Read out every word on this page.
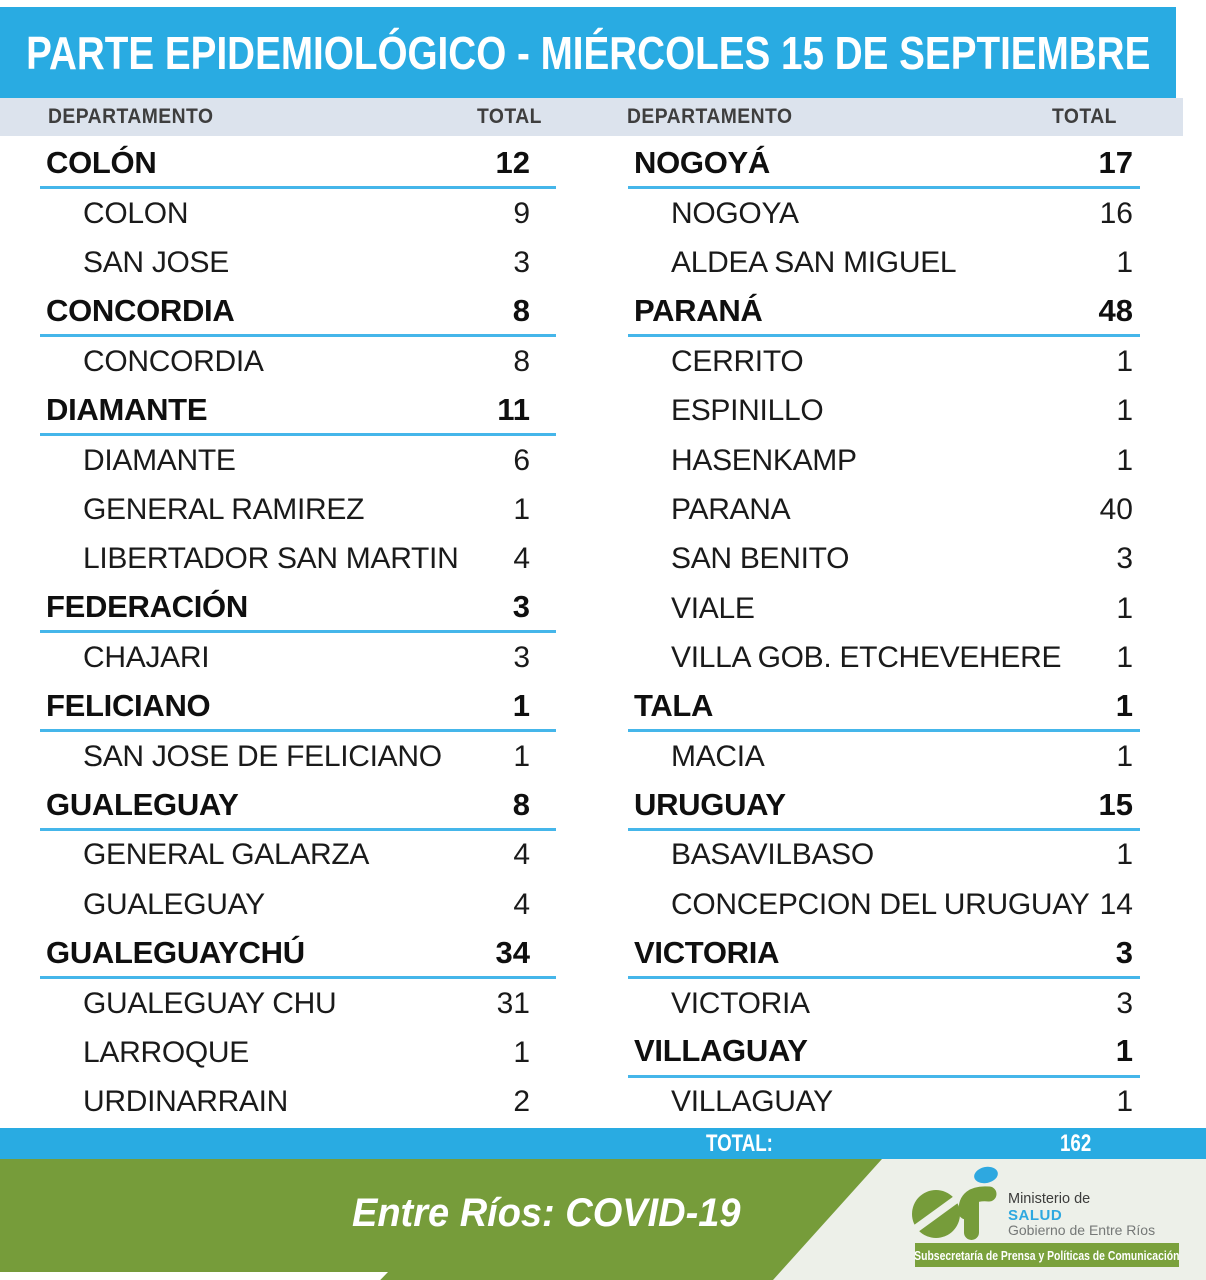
PARTE EPIDEMIOLÓGICO - MIÉRCOLES 15 DE SEPTIEMBRE
DEPARTAMENTO	TOTAL	DEPARTAMENTO	TOTAL
COLÓN	12
COLON	9
SAN JOSE	3
CONCORDIA	8
CONCORDIA	8
DIAMANTE	11
DIAMANTE	6
GENERAL RAMIREZ	1
LIBERTADOR SAN MARTIN 4
FEDERACIÓN	3
CHAJARI	3
FELICIANO	1
SAN JOSE DE FELICIANO 1
GUALEGUAY	8
GENERAL GALARZA	4
GUALEGUAY	4
GUALEGUAYCHÚ	34
GUALEGUAY CHU	31
LARROQUE	1
URDINARRAIN	2
NOGOYÁ	17
NOGOYA	16
ALDEA SAN MIGUEL	1
PARANÁ	48
CERRITO	1
ESPINILLO	1
HASENKAMP	1
PARANA	40
SAN BENITO	3
VIALE	1
VILLA GOB. ETCHEVEHERE 1
TALA	1
MACIA	1
URUGUAY	15
BASAVILBASO	1
CONCEPCION DEL URUGUAY 14
VICTORIA	3
VICTORIA	3
VILLAGUAY	1
VILLAGUAY	1
TOTAL:	162
Entre Ríos: COVID-19	Ministerio de
SALUD
Gobierno de Entre Ríos
Subsecretaría de Prensa y Políticas de Comunicación
